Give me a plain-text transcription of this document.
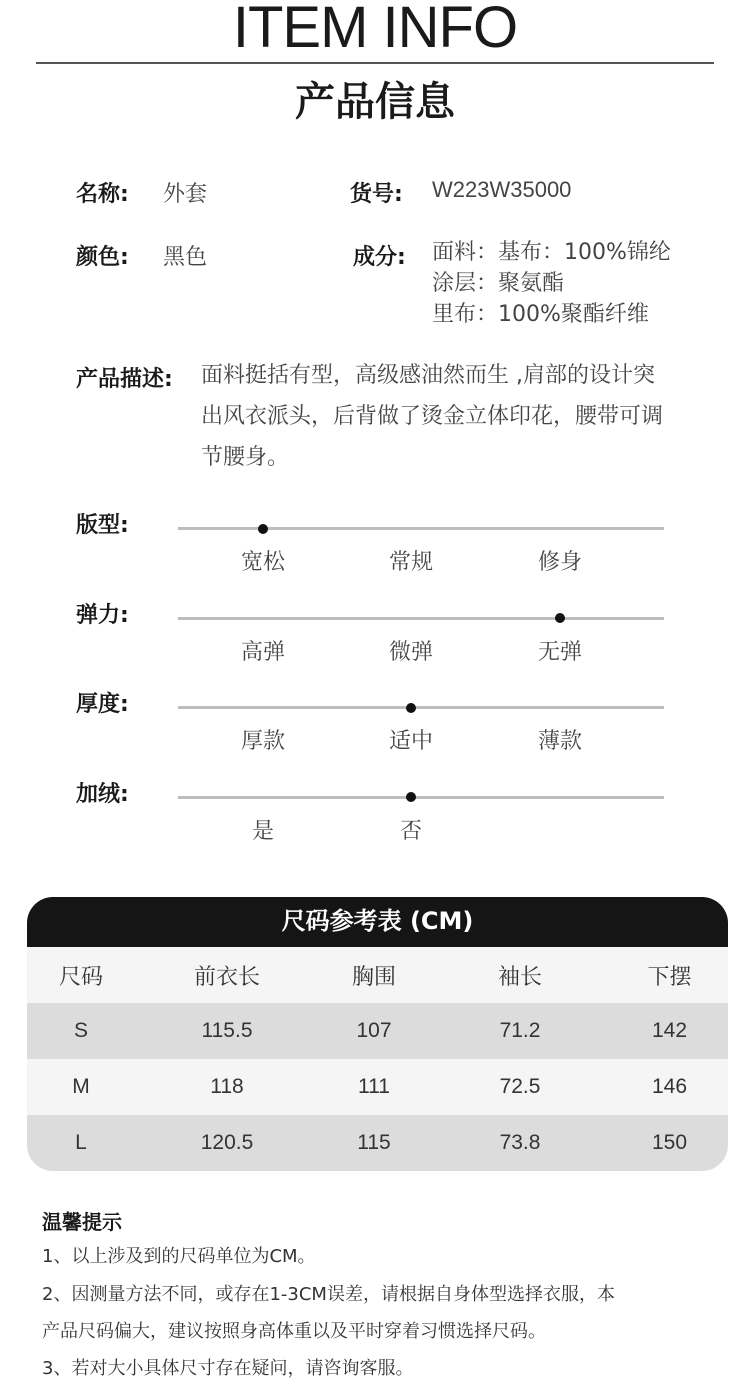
ITEM INFO
产品信息
名称: 外套	货号: W223W35000
颜色: 黑色	成分: 面料：基布：100%锦纶
涂层：聚氨酯
里布：100%聚酯纤维
产品描述: 面料挺括有型，高级感油然而生 ,肩部的设计突
出风衣派头，后背做了烫金立体印花，腰带可调
节腰身。
版型:
宽松	常规	修身
弹力:
高弹	微弹	无弹
厚度:
厚款	适中	薄款
加绒:
是	否
尺码参考表 (CM)
尺码	前衣长	胸围	袖长	下摆
S	115.5	107	71.2	142
M	118	111	72.5	146
L	120.5	115	73.8	150
温馨提示
1、以上涉及到的尺码单位为CM。
2、因测量方法不同，或存在1-3CM误差，请根据自身体型选择衣服，本
产品尺码偏大，建议按照身高体重以及平时穿着习惯选择尺码。
3、若对大小具体尺寸存在疑问，请咨询客服。
